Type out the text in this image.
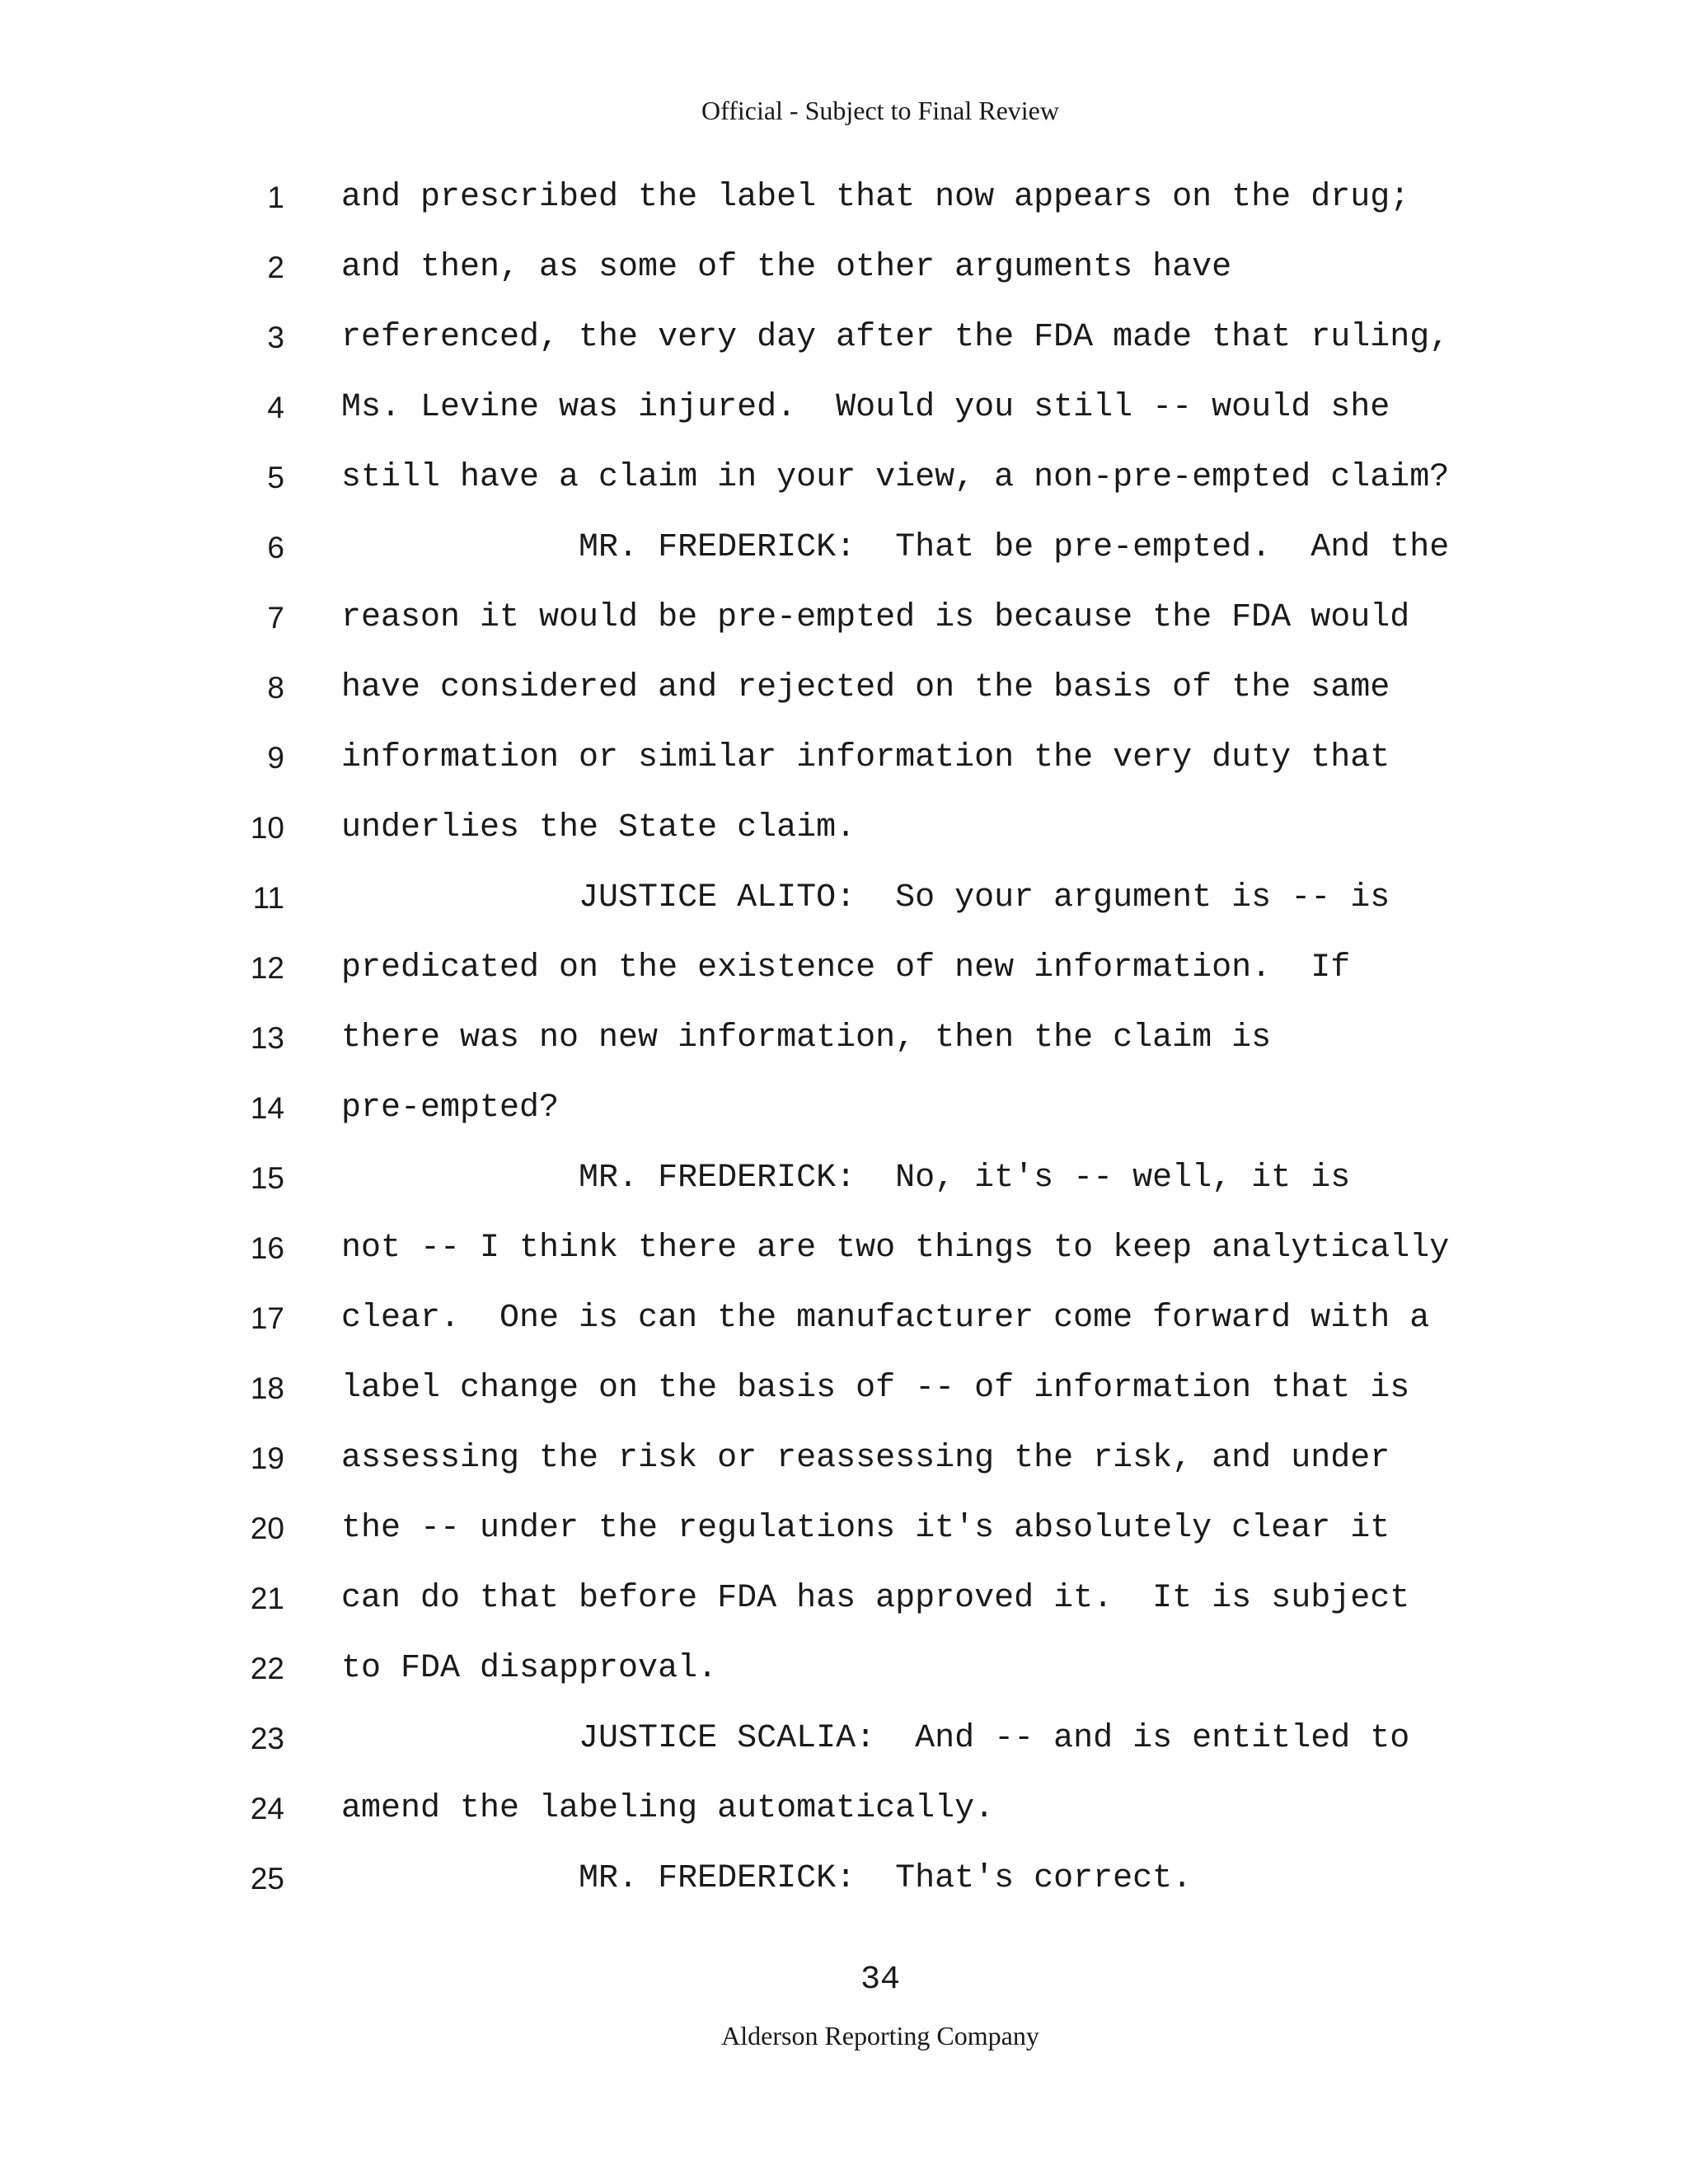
Official - Subject to Final Review
1 and prescribed the label that now appears on the drug;
2 and then, as some of the other arguments have
3 referenced, the very day after the FDA made that ruling,
4 Ms. Levine was injured.  Would you still -- would she
5 still have a claim in your view, a non-pre-empted claim?
6 MR. FREDERICK:  That be pre-empted.  And the
7 reason it would be pre-empted is because the FDA would
8 have considered and rejected on the basis of the same
9 information or similar information the very duty that
10 underlies the State claim.
11 JUSTICE ALITO:  So your argument is -- is
12 predicated on the existence of new information.  If
13 there was no new information, then the claim is
14 pre-empted?
15 MR. FREDERICK:  No, it's -- well, it is
16 not -- I think there are two things to keep analytically
17 clear.  One is can the manufacturer come forward with a
18 label change on the basis of -- of information that is
19 assessing the risk or reassessing the risk, and under
20 the -- under the regulations it's absolutely clear it
21 can do that before FDA has approved it.  It is subject
22 to FDA disapproval.
23 JUSTICE SCALIA:  And -- and is entitled to
24 amend the labeling automatically.
25 MR. FREDERICK:  That's correct.
34
Alderson Reporting Company
